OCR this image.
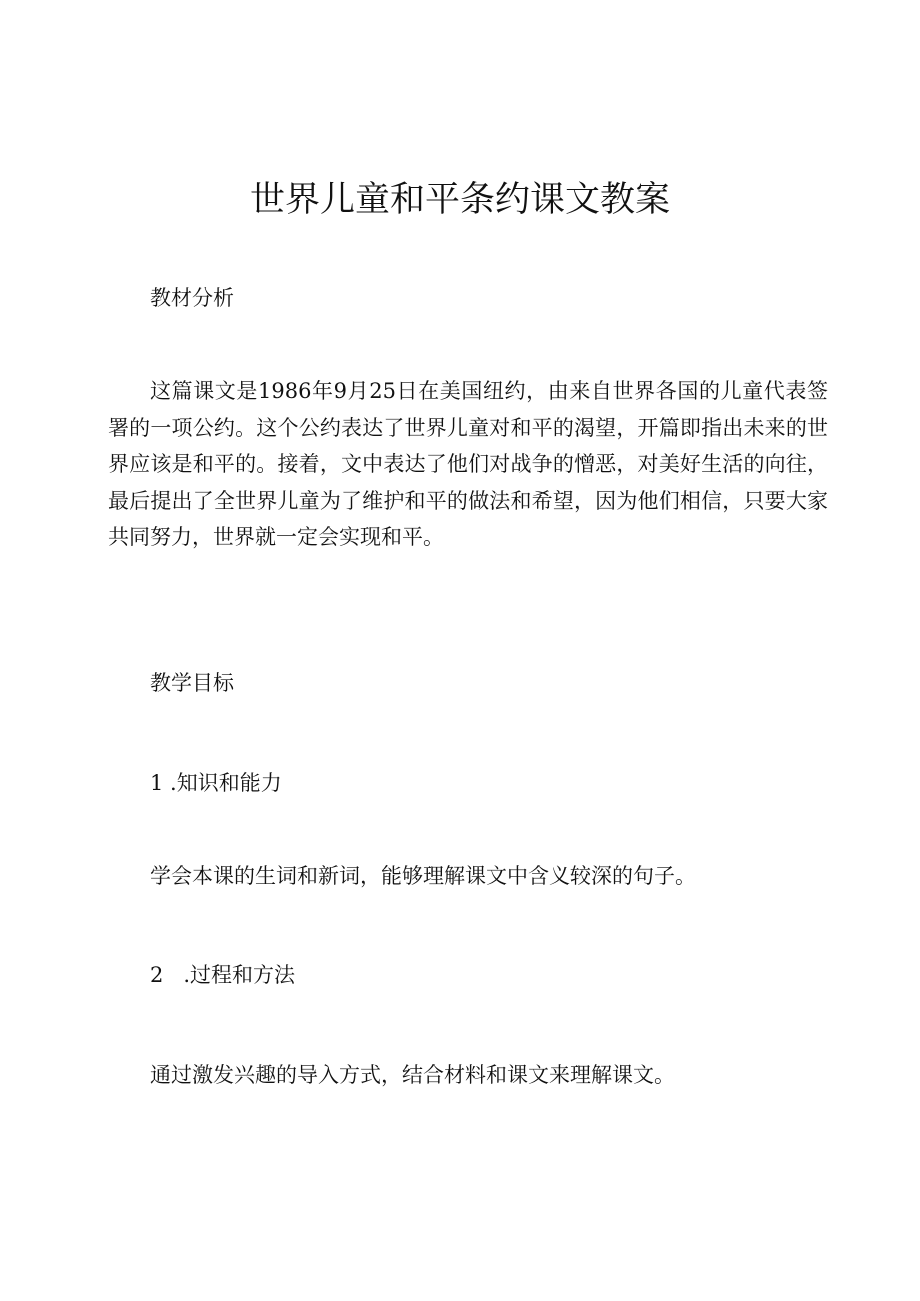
世界儿童和平条约课文教案

教材分析

这篇课文是1986年9月25日在美国纽约，由来自世界各国的儿童代表签署的一项公约。这个公约表达了世界儿童对和平的渴望，开篇即指出未来的世界应该是和平的。接着，文中表达了他们对战争的憎恶，对美好生活的向往，最后提出了全世界儿童为了维护和平的做法和希望，因为他们相信，只要大家共同努力，世界就一定会实现和平。

教学目标

1 .知识和能力

学会本课的生词和新词，能够理解课文中含义较深的句子。

2   .过程和方法

通过激发兴趣的导入方式，结合材料和课文来理解课文。
